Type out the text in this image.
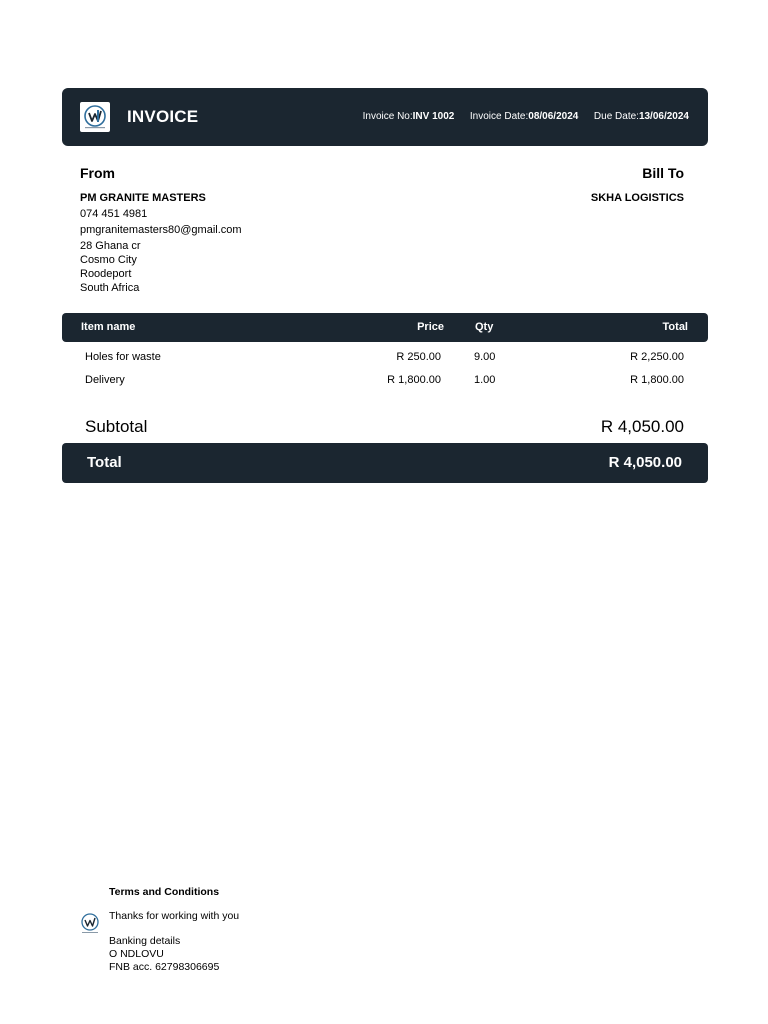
INVOICE	Invoice No:INV 1002 Invoice Date:08/06/2024 Due Date:13/06/2024
From	Bill To
PM GRANITE MASTERS
074 451 4981
pmgranitemasters80@gmail.com
28 Ghana cr
Cosmo City
Roodeport
South Africa
SKHA LOGISTICS
Item name	Price	Qty	Total
Holes for waste	R 250.00	9.00	R 2,250.00
Delivery	R 1,800.00	1.00	R 1,800.00
Subtotal	R 4,050.00
Total	R 4,050.00
Terms and Conditions
Thanks for working with you
Banking details
O NDLOVU
FNB acc. 62798306695
